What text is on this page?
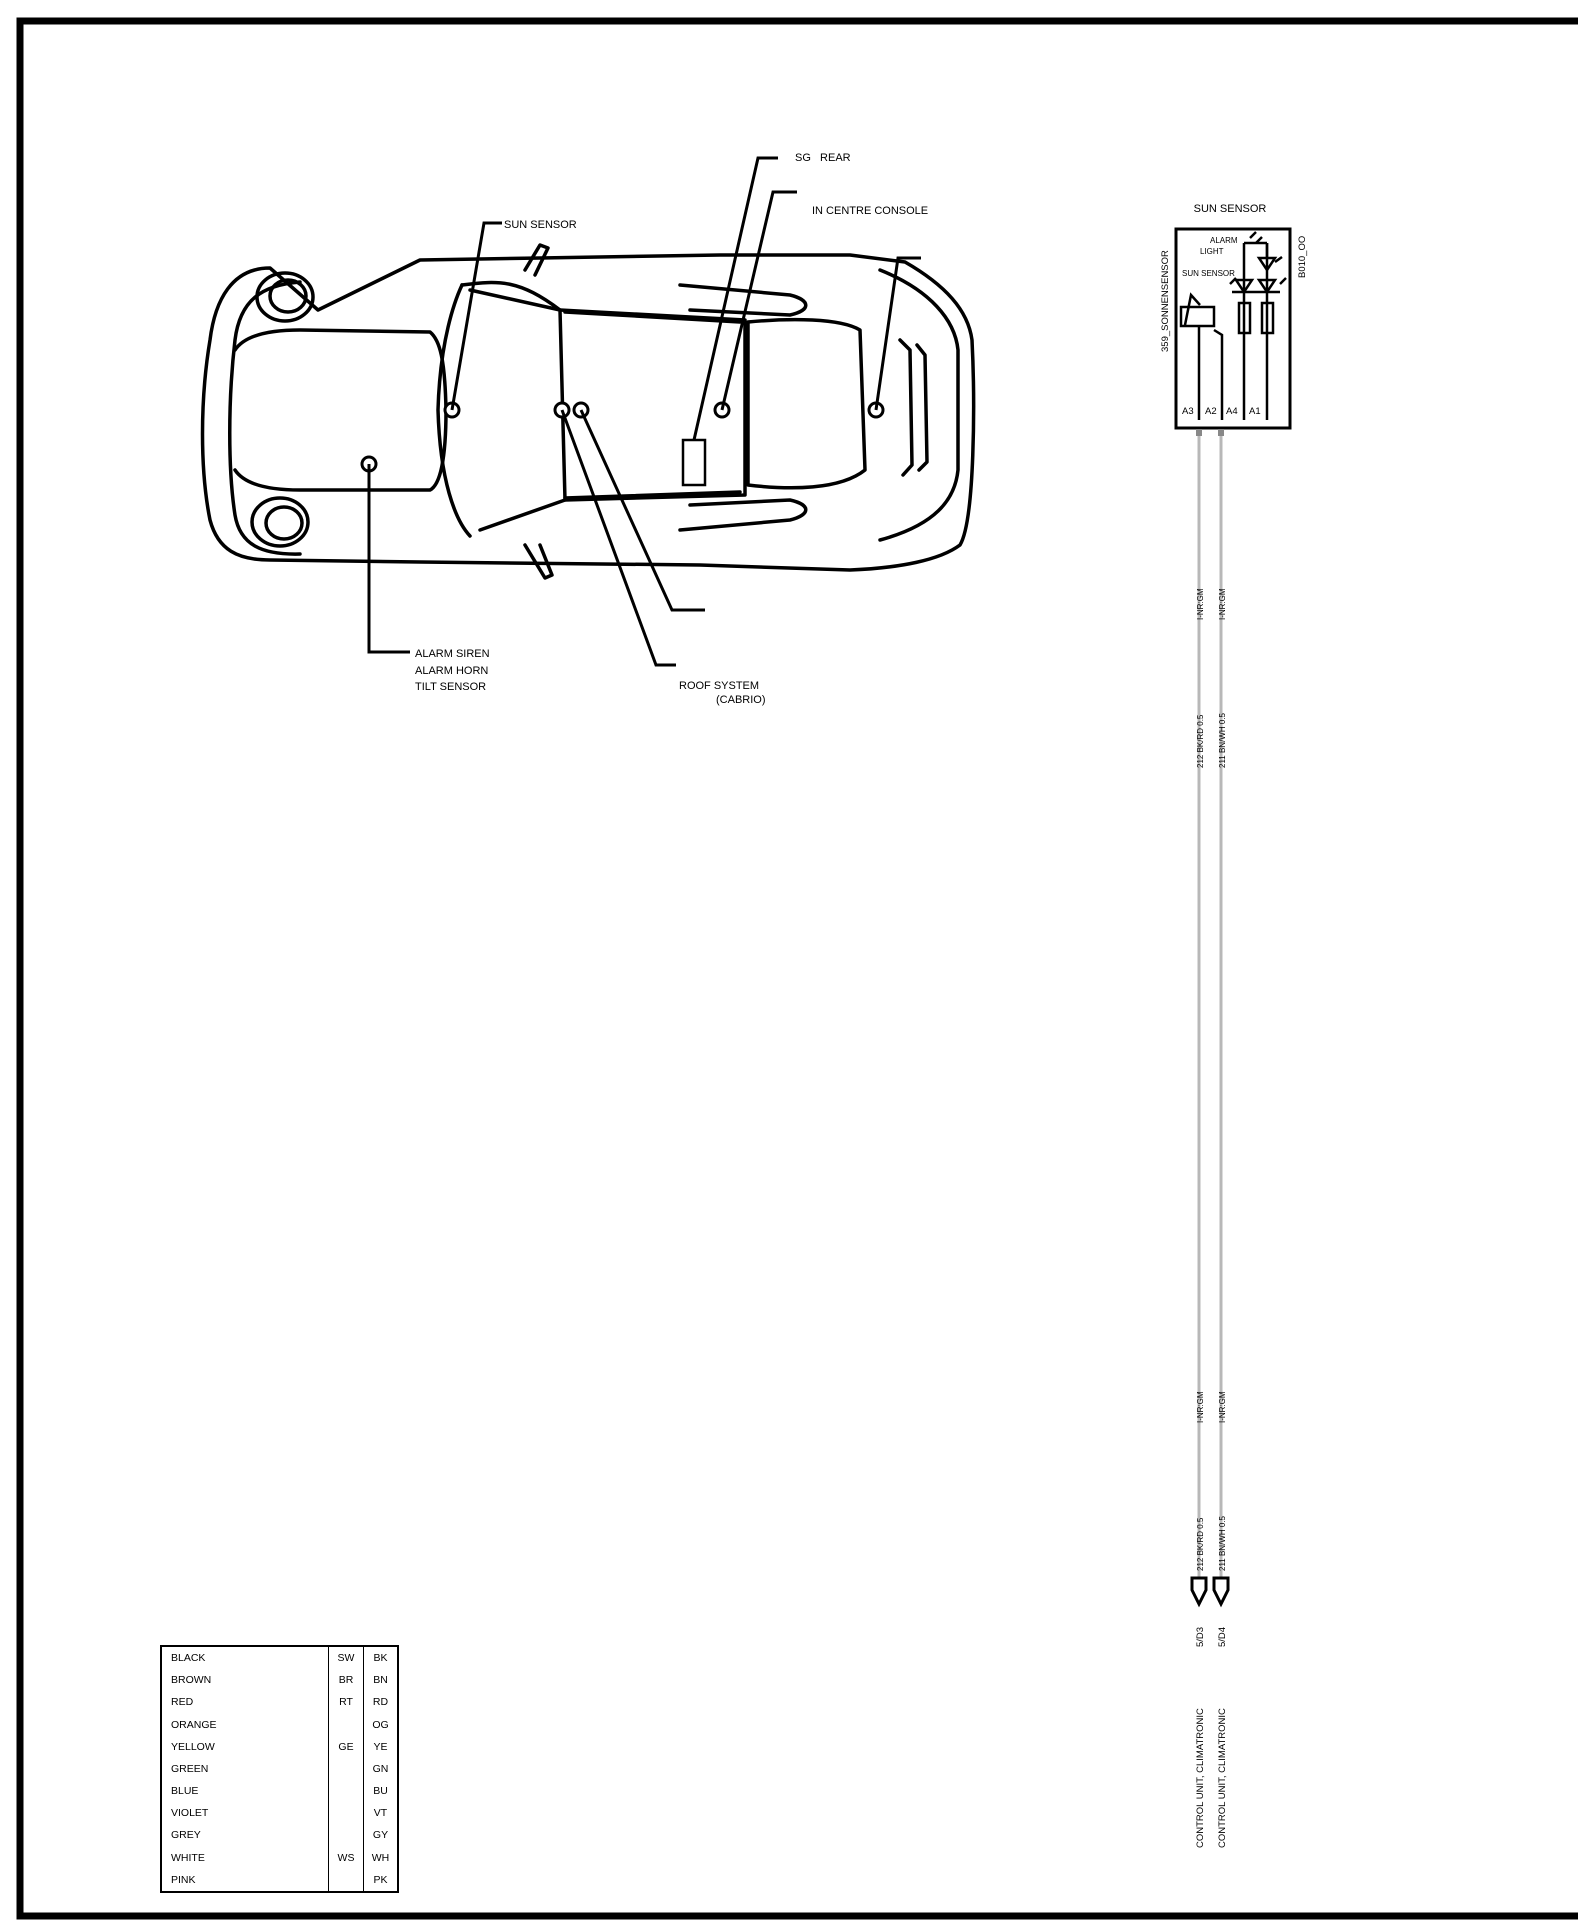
SUN SENSOR
SG   REAR
IN CENTRE CONSOLE
ALARM SIREN
ALARM HORN
TILT SENSOR	ROOF SYSTEM
(CABRIO)
SUN SENSOR
359_SONNENSENSOR	B010_OO
ALARM
LIGHT
SUN SENSOR
A3 A2 A4 A1
I-NR:GM
212 BK/RD 0.5
I-NR:GM
212 BK/RD 0.5
I-NR:GM
211 BN/WH 0.5
I-NR:GM
211 BN/WH 0.5
5/D3 5/D4
CONTROL UNIT, CLIMATRONIC CONTROL UNIT, CLIMATRONIC
BLACK	SW	BK
BROWN	BR	BN
RED	RT	RD
ORANGE		OG
YELLOW	GE	YE
GREEN		GN
BLUE		BU
VIOLET		VT
GREY		GY
WHITE	WS	WH
PINK		PK
